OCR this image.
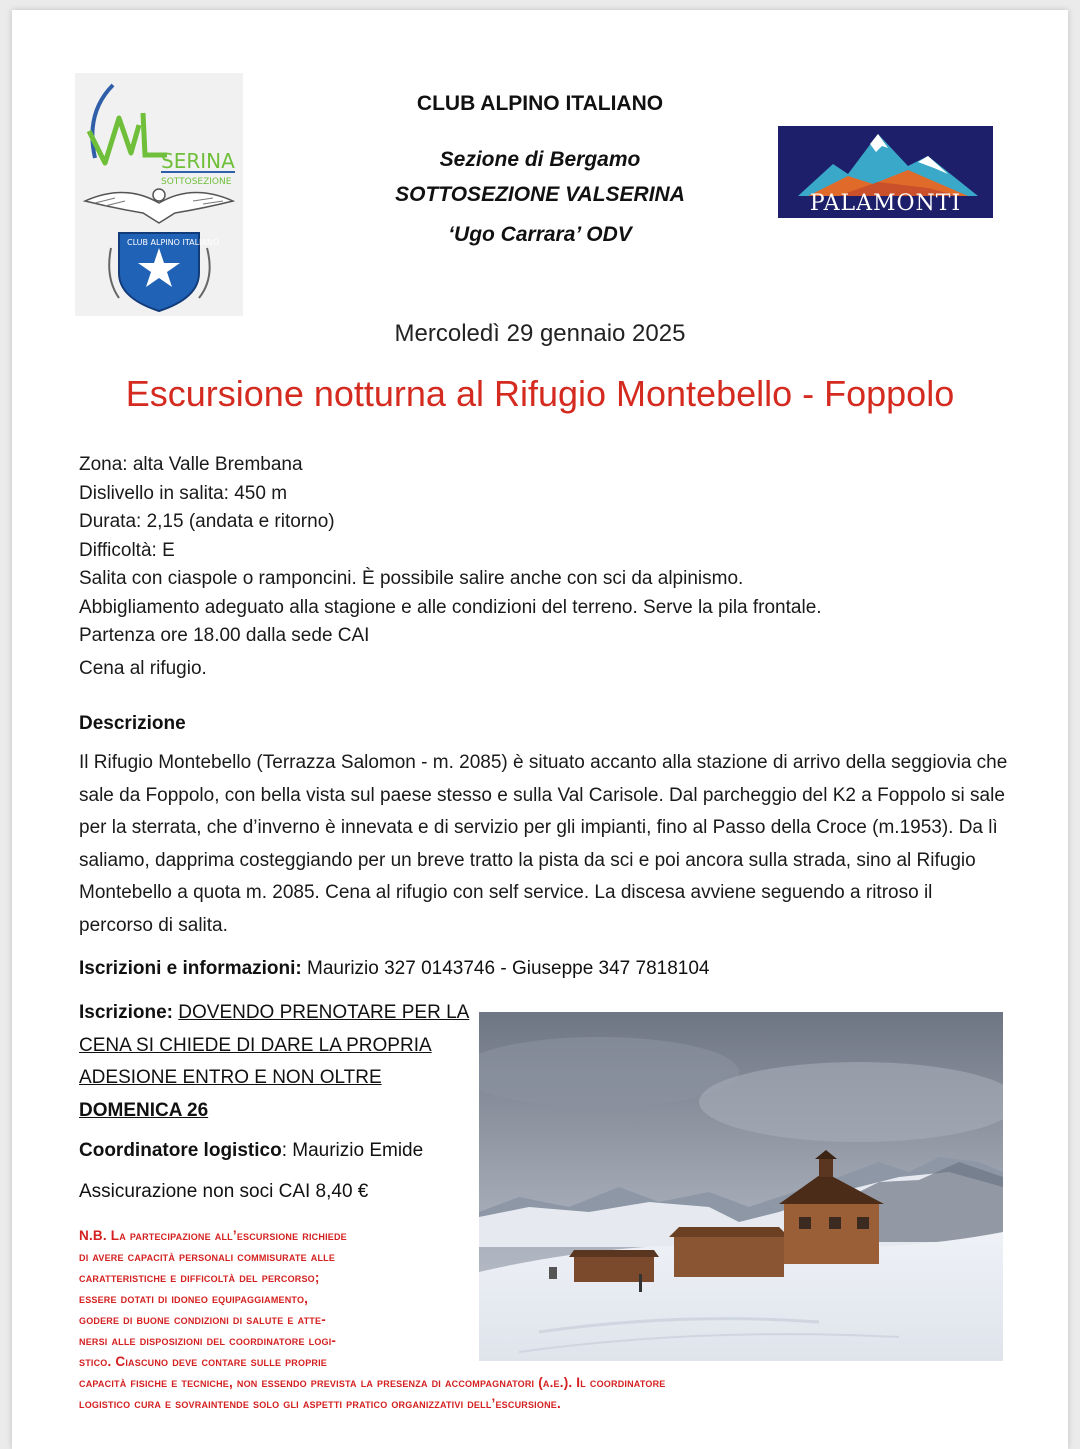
SERINA
SOTTOSEZIONE
CLUB ALPINO ITALIANO
CLUB ALPINO ITALIANO
Sezione di Bergamo
SOTTOSEZIONE VALSERINA
‘Ugo Carrara’ ODV
PALAMONTI
Mercoledì 29 gennaio 2025
Escursione notturna al Rifugio Montebello - Foppolo
Zona: alta Valle Brembana
Dislivello in salita: 450 m
Durata: 2,15 (andata e ritorno)
Difficoltà: E
Salita con ciaspole o ramponcini. È possibile salire anche con sci da alpinismo.
Abbigliamento adeguato alla stagione e alle condizioni del terreno. Serve la pila frontale.
Partenza ore 18.00 dalla sede CAI
Cena al rifugio.
Descrizione
Il Rifugio Montebello (Terrazza Salomon - m. 2085) è situato accanto alla stazione di arrivo della seggiovia che sale da Foppolo, con bella vista sul paese stesso e sulla Val Carisole. Dal parcheggio del K2 a Foppolo si sale per la sterrata, che d’inverno è innevata e di servizio per gli impianti, fino al Passo della Croce (m.1953). Da lì saliamo, dapprima costeggiando per un breve tratto la pista da sci e poi ancora sulla strada, sino al Rifugio Montebello a quota m. 2085. Cena al rifugio con self service. La discesa avviene seguendo a ritroso il percorso di salita.
Iscrizioni e informazioni: Maurizio 327 0143746 - Giuseppe 347 7818104
Iscrizione: DOVENDO PRENOTARE PER LA CENA SI CHIEDE DI DARE LA PROPRIA ADESIONE ENTRO E NON OLTRE DOMENICA 26
Coordinatore logistico: Maurizio Emide
Assicurazione non soci CAI 8,40 €
N.B. La partecipazione all’escursione richiede
di avere capacità personali commisurate alle
caratteristiche e difficoltà del percorso;
essere dotati di idoneo equipaggiamento,
godere di buone condizioni di salute e atte-
nersi alle disposizioni del coordinatore logi-
stico. Ciascuno deve contare sulle proprie
capacità fisiche e tecniche, non essendo prevista la presenza di accompagnatori (a.e.). Il coordinatore
logistico cura e sovraintende solo gli aspetti pratico organizzativi dell’escursione.
